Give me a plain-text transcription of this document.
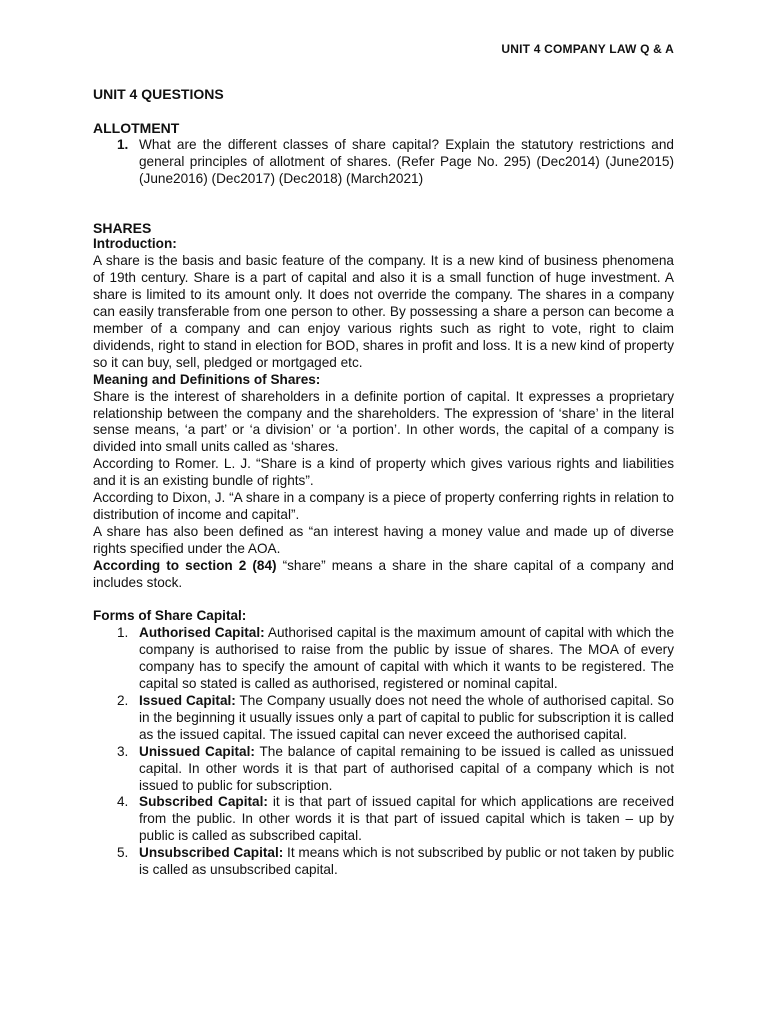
UNIT 4 COMPANY LAW Q & A

UNIT 4 QUESTIONS

ALLOTMENT

1. What are the different classes of share capital? Explain the statutory restrictions and general principles of allotment of shares. (Refer Page No. 295) (Dec2014) (June2015) (June2016) (Dec2017) (Dec2018) (March2021)

SHARES

Introduction:

A share is the basis and basic feature of the company. It is a new kind of business phenomena of 19th century. Share is a part of capital and also it is a small function of huge investment. A share is limited to its amount only. It does not override the company. The shares in a company can easily transferable from one person to other. By possessing a share a person can become a member of a company and can enjoy various rights such as right to vote, right to claim dividends, right to stand in election for BOD, shares in profit and loss. It is a new kind of property so it can buy, sell, pledged or mortgaged etc.

Meaning and Definitions of Shares:

Share is the interest of shareholders in a definite portion of capital. It expresses a proprietary relationship between the company and the shareholders. The expression of ‘share’ in the literal sense means, ‘a part’ or ‘a division’ or ‘a portion’. In other words, the capital of a company is divided into small units called as ‘shares.

According to Romer. L. J. “Share is a kind of property which gives various rights and liabilities and it is an existing bundle of rights”.

According to Dixon, J. “A share in a company is a piece of property conferring rights in relation to distribution of income and capital”.

A share has also been defined as “an interest having a money value and made up of diverse rights specified under the AOA.

According to section 2 (84) “share” means a share in the share capital of a company and includes stock.

Forms of Share Capital:

1. Authorised Capital: Authorised capital is the maximum amount of capital with which the company is authorised to raise from the public by issue of shares. The MOA of every company has to specify the amount of capital with which it wants to be registered. The capital so stated is called as authorised, registered or nominal capital.
2. Issued Capital: The Company usually does not need the whole of authorised capital. So in the beginning it usually issues only a part of capital to public for subscription it is called as the issued capital. The issued capital can never exceed the authorised capital.
3. Unissued Capital: The balance of capital remaining to be issued is called as unissued capital. In other words it is that part of authorised capital of a company which is not issued to public for subscription.
4. Subscribed Capital: it is that part of issued capital for which applications are received from the public. In other words it is that part of issued capital which is taken – up by public is called as subscribed capital.
5. Unsubscribed Capital: It means which is not subscribed by public or not taken by public is called as unsubscribed capital.
